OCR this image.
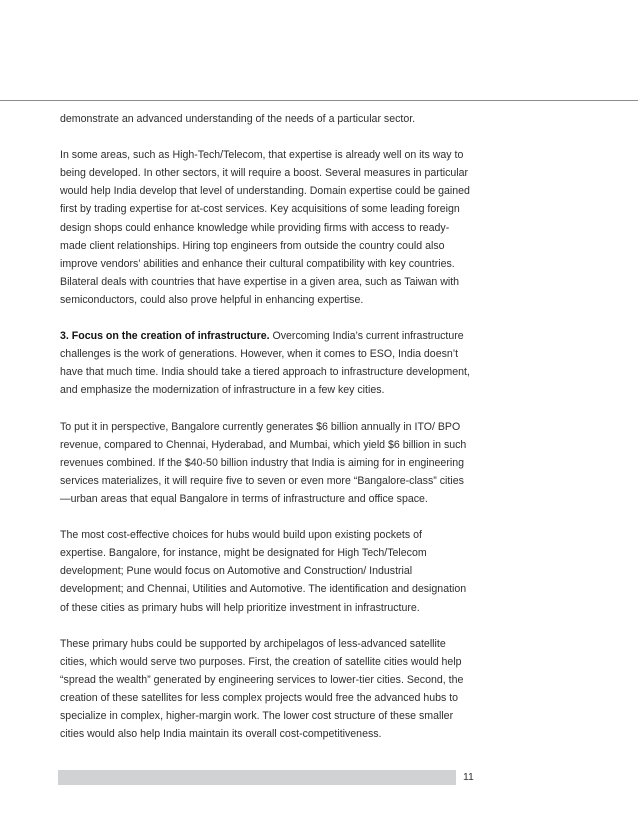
demonstrate an advanced understanding of the needs of a particular sector.

In some areas, such as High-Tech/Telecom, that expertise is already well on its way to being developed. In other sectors, it will require a boost. Several measures in particular would help India develop that level of understanding. Domain expertise could be gained first by trading expertise for at-cost services. Key acquisitions of some leading foreign design shops could enhance knowledge while providing firms with access to ready-made client relationships. Hiring top engineers from outside the country could also improve vendors’ abilities and enhance their cultural compatibility with key countries. Bilateral deals with countries that have expertise in a given area, such as Taiwan with semiconductors, could also prove helpful in enhancing expertise.

3. Focus on the creation of infrastructure. Overcoming India’s current infrastructure challenges is the work of generations. However, when it comes to ESO, India doesn’t have that much time. India should take a tiered approach to infrastructure development, and emphasize the modernization of infrastructure in a few key cities.

To put it in perspective, Bangalore currently generates $6 billion annually in ITO/ BPO revenue, compared to Chennai, Hyderabad, and Mumbai, which yield $6 billion in such revenues combined. If the $40-50 billion industry that India is aiming for in engineering services materializes, it will require five to seven or even more “Bangalore-class” cities—urban areas that equal Bangalore in terms of infrastructure and office space.

The most cost-effective choices for hubs would build upon existing pockets of expertise. Bangalore, for instance, might be designated for High Tech/Telecom development; Pune would focus on Automotive and Construction/ Industrial development; and Chennai, Utilities and Automotive. The identification and designation of these cities as primary hubs will help prioritize investment in infrastructure.

These primary hubs could be supported by archipelagos of less-advanced satellite cities, which would serve two purposes. First, the creation of satellite cities would help “spread the wealth” generated by engineering services to lower-tier cities. Second, the creation of these satellites for less complex projects would free the advanced hubs to specialize in complex, higher-margin work. The lower cost structure of these smaller cities would also help India maintain its overall cost-competitiveness.

11
